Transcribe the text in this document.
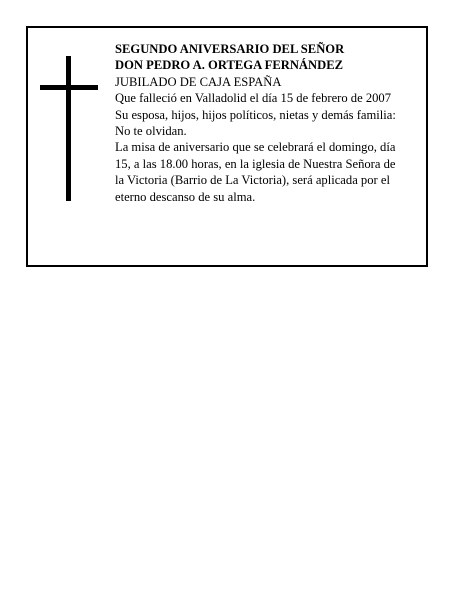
SEGUNDO ANIVERSARIO DEL SEÑOR
DON PEDRO A. ORTEGA FERNÁNDEZ
JUBILADO DE CAJA ESPAÑA
Que falleció en Valladolid el día 15 de febrero de 2007
Su esposa, hijos, hijos políticos, nietas y demás familia:
No te olvidan.
La misa de aniversario que se celebrará el domingo, día
15, a las 18.00 horas, en la iglesia de Nuestra Señora de
la Victoria (Barrio de La Victoria), será aplicada por el
eterno descanso de su alma.
